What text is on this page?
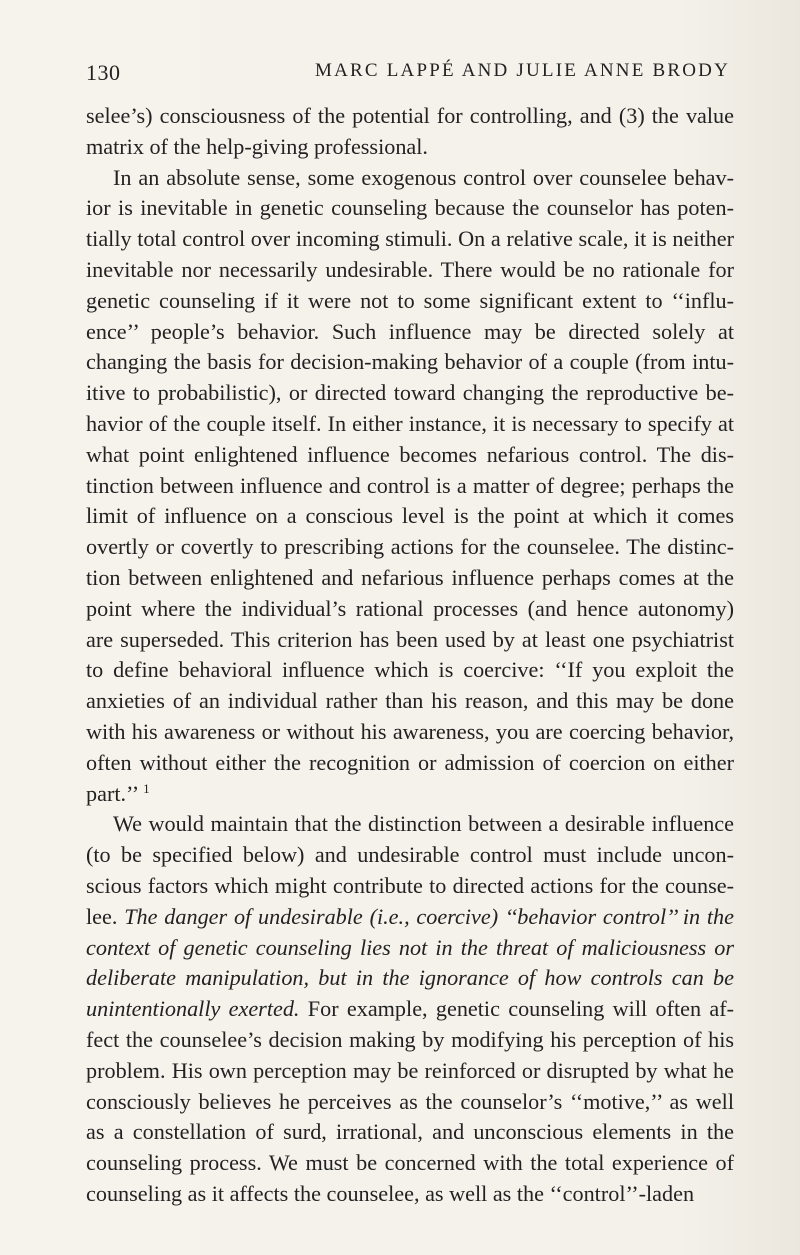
130	MARC LAPPÉ AND JULIE ANNE BRODY

selee’s) consciousness of the potential for controlling, and (3) the value matrix of the help-giving professional.

In an absolute sense, some exogenous control over counselee behavior is inevitable in genetic counseling because the counselor has potentially total control over incoming stimuli. On a relative scale, it is neither inevitable nor necessarily undesirable. There would be no rationale for genetic counseling if it were not to some significant extent to ‘‘influence’’ people’s behavior. Such influence may be directed solely at changing the basis for decision-making behavior of a couple (from intuitive to probabilistic), or directed toward changing the reproductive behavior of the couple itself. In either instance, it is necessary to specify at what point enlightened influence becomes nefarious control. The distinction between influence and control is a matter of degree; perhaps the limit of influence on a conscious level is the point at which it comes overtly or covertly to prescribing actions for the counselee. The distinction between enlightened and nefarious influence perhaps comes at the point where the individual’s rational processes (and hence autonomy) are superseded. This criterion has been used by at least one psychiatrist to define behavioral influence which is coercive: ‘‘If you exploit the anxieties of an individual rather than his reason, and this may be done with his awareness or without his awareness, you are coercing behavior, often without either the recognition or admission of coercion on either part.’’ $^1$

We would maintain that the distinction between a desirable influence (to be specified below) and undesirable control must include unconscious factors which might contribute to directed actions for the counselee. The danger of undesirable (i.e., coercive) ‘‘behavior control’’ in the context of genetic counseling lies not in the threat of maliciousness or deliberate manipulation, but in the ignorance of how controls can be unintentionally exerted. For example, genetic counseling will often affect the counselee’s decision making by modifying his perception of his problem. His own perception may be reinforced or disrupted by what he consciously believes he perceives as the counselor’s ‘‘motive,’’ as well as a constellation of surd, irrational, and unconscious elements in the counseling process. We must be concerned with the total experience of counseling as it affects the counselee, as well as the ‘‘control’’-laden
